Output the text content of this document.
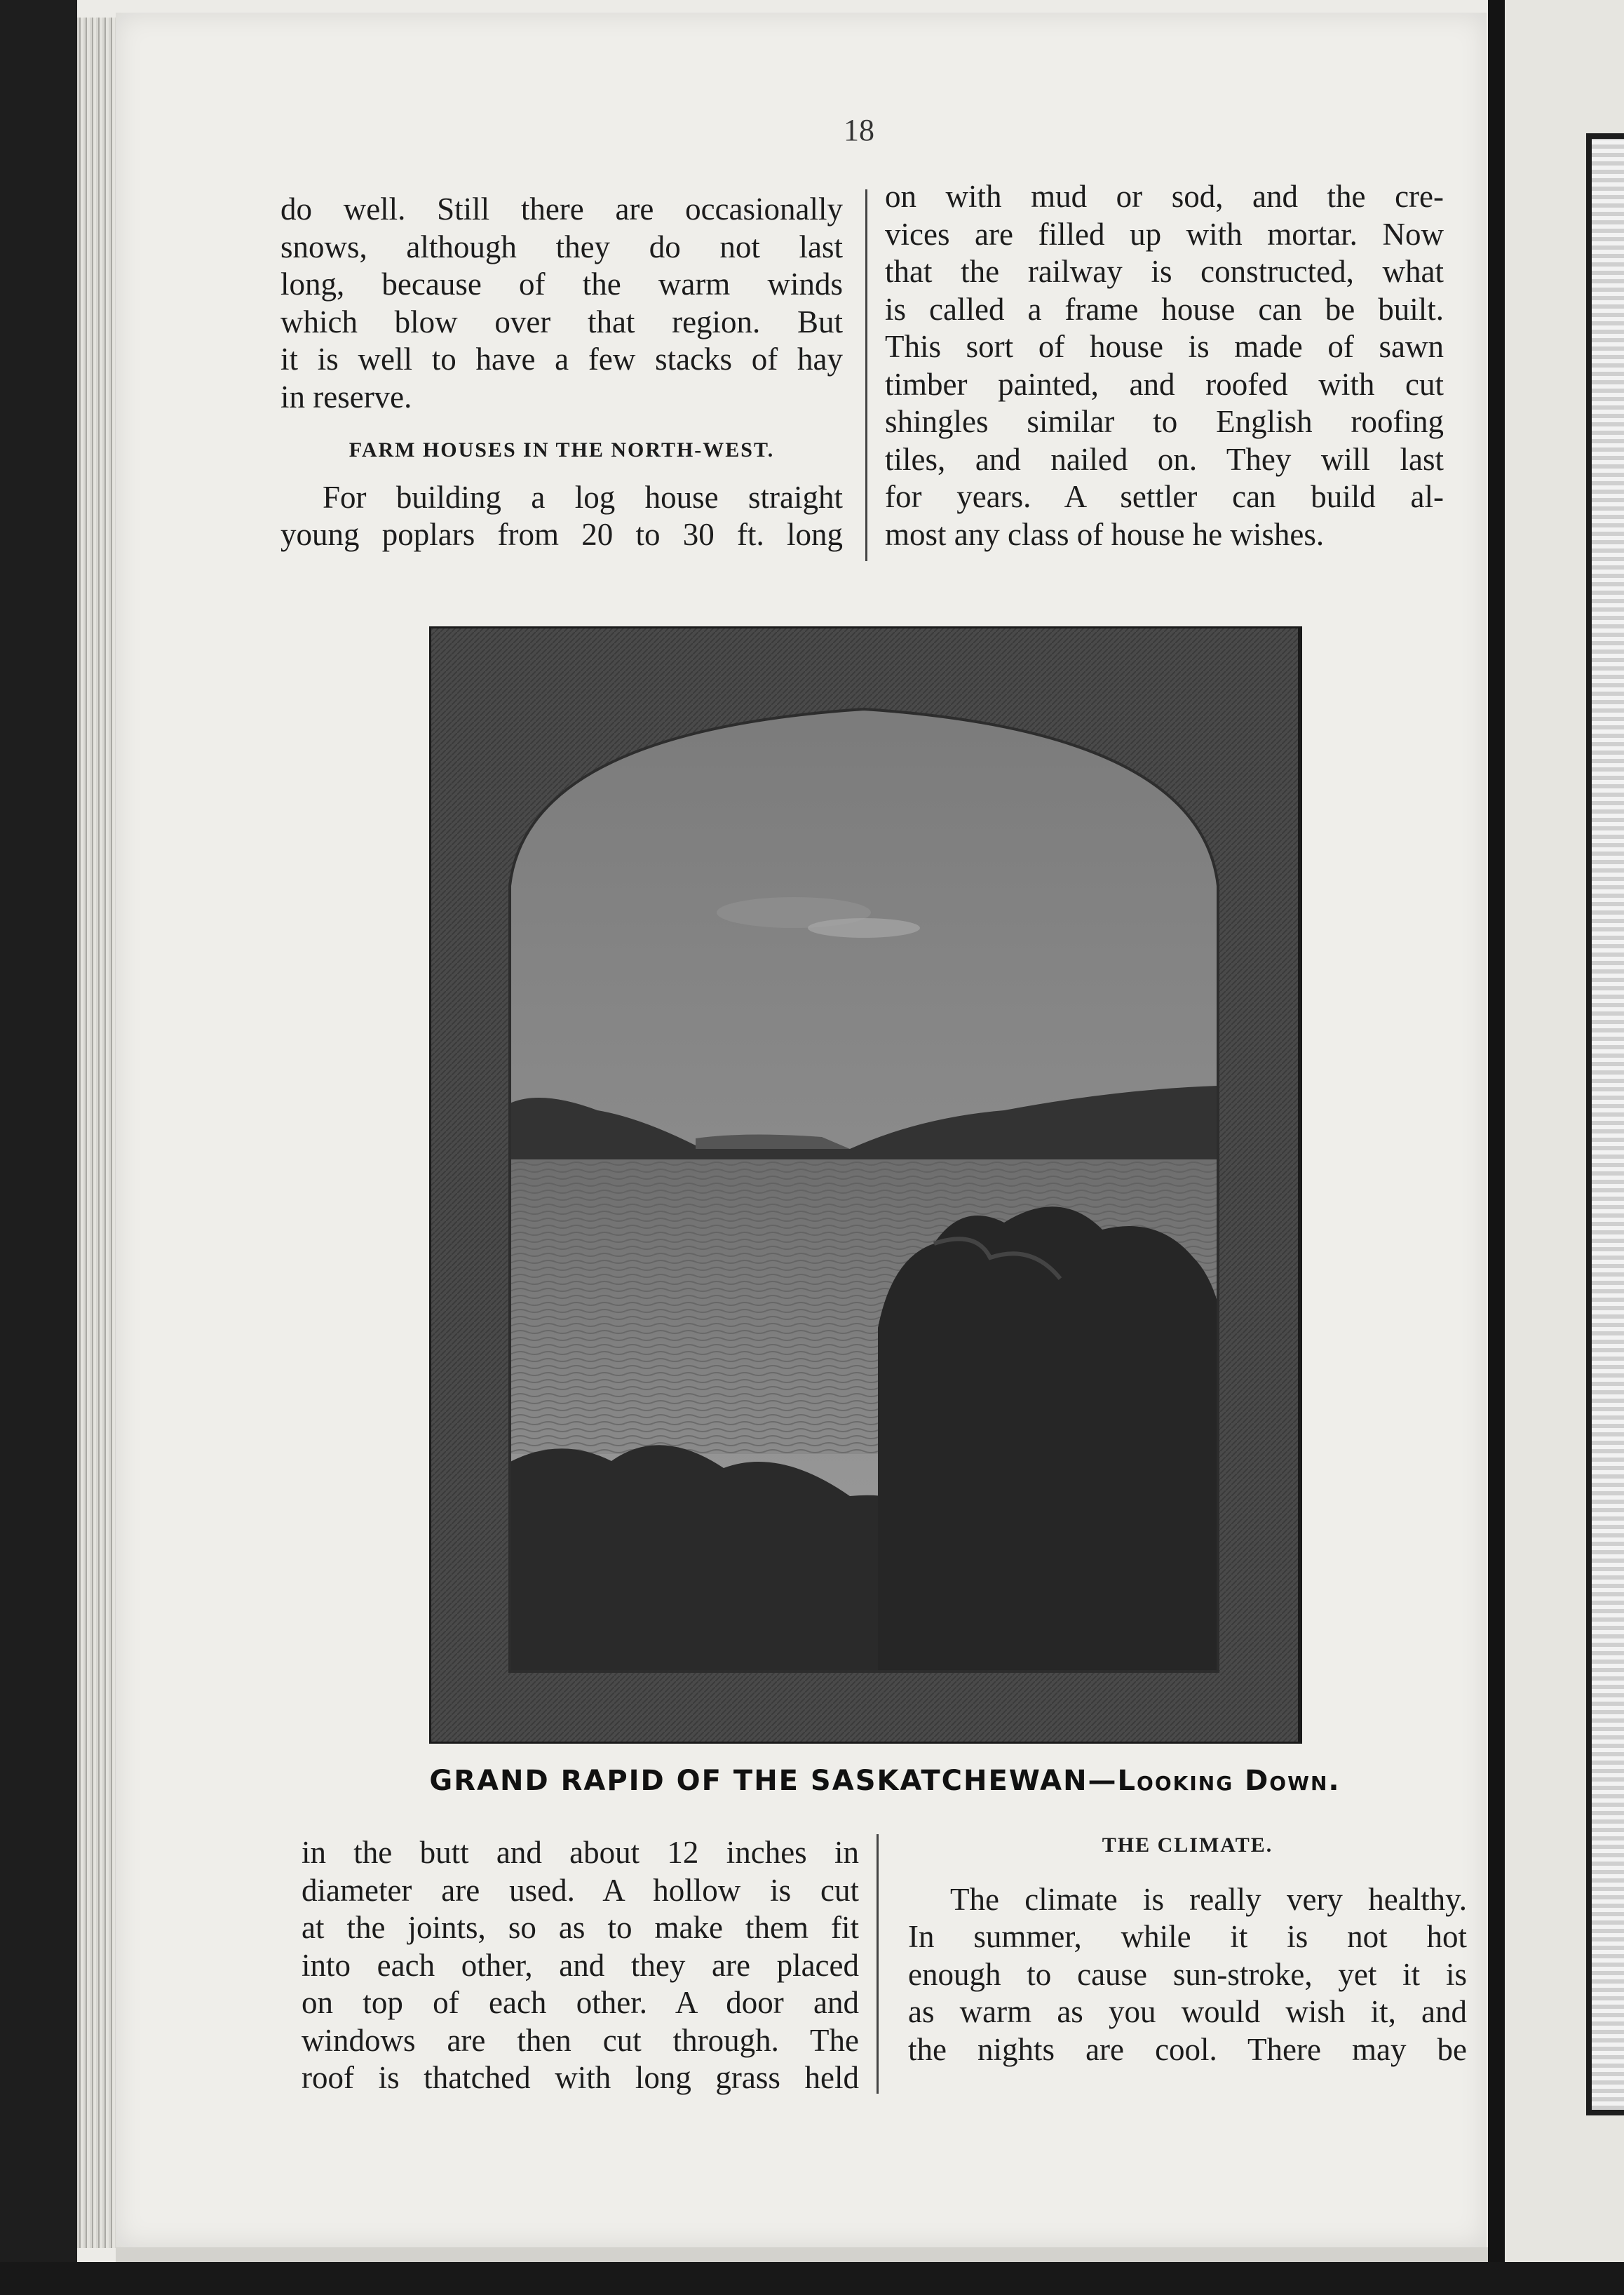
18
do well. Still there are occasionally
snows, although they do not last
long, because of the warm winds
which blow over that region. But
it is well to have a few stacks of hay
in reserve.
FARM HOUSES IN THE NORTH-WEST.
For building a log house straight
young poplars from 20 to 30 ft. long
on with mud or sod, and the cre-
vices are filled up with mortar. Now
that the railway is constructed, what
is called a frame house can be built.
This sort of house is made of sawn
timber painted, and roofed with cut
shingles similar to English roofing
tiles, and nailed on. They will last
for years. A settler can build al-
most any class of house he wishes.
GRAND RAPID OF THE SASKATCHEWAN—Looking Down.
in the butt and about 12 inches in
diameter are used. A hollow is cut
at the joints, so as to make them fit
into each other, and they are placed
on top of each other. A door and
windows are then cut through. The
roof is thatched with long grass held
THE CLIMATE.
The climate is really very healthy.
In summer, while it is not hot
enough to cause sun-stroke, yet it is
as warm as you would wish it, and
the nights are cool. There may be
